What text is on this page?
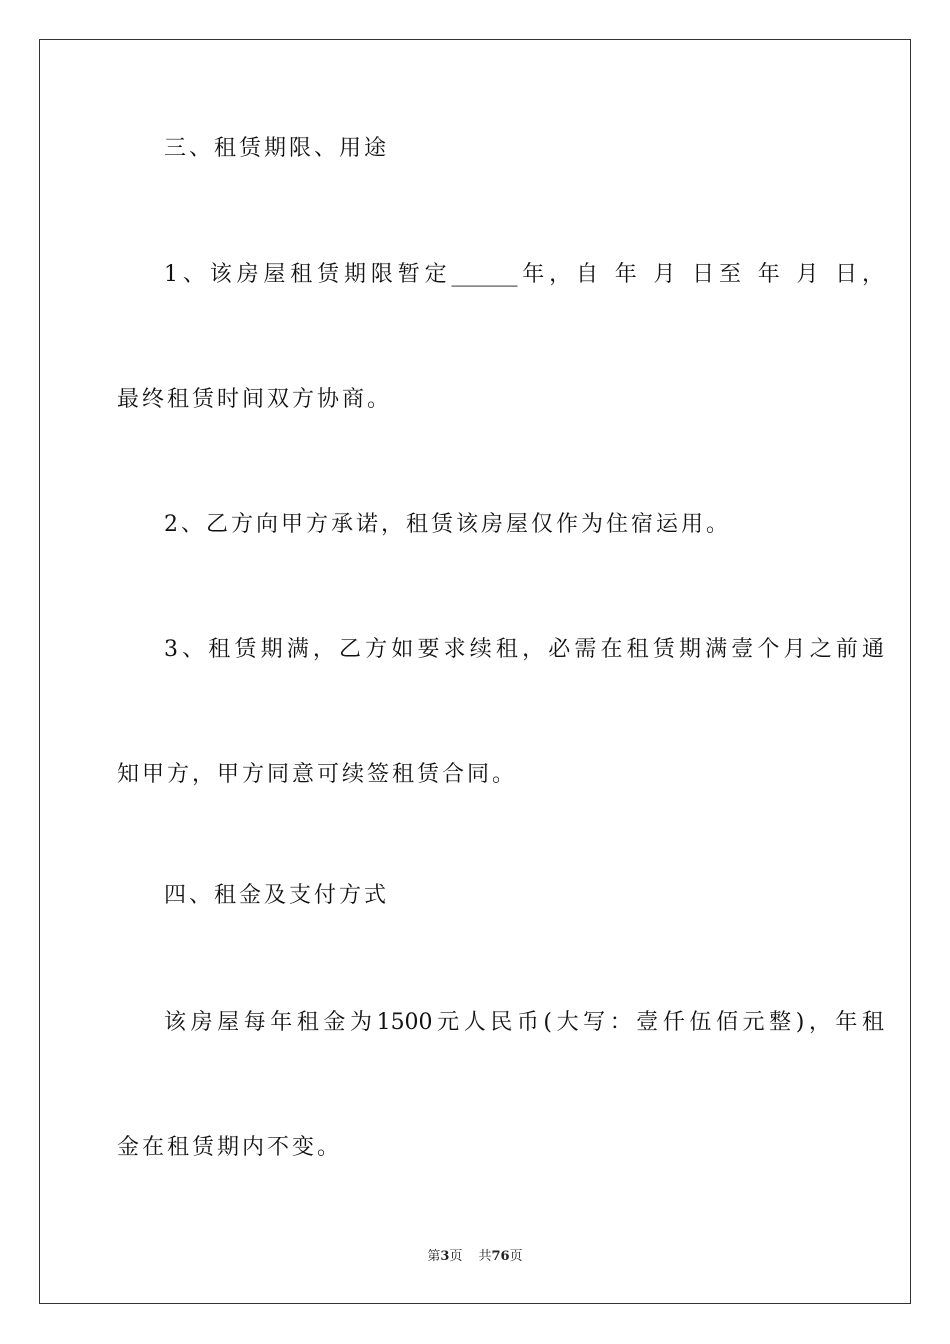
三、租赁期限、用途
1、该房屋租赁期限暂定______年，自 年 月 日至 年 月 日，
最终租赁时间双方协商。
2、乙方向甲方承诺，租赁该房屋仅作为住宿运用。
3、租赁期满，乙方如要求续租，必需在租赁期满壹个月之前通
知甲方，甲方同意可续签租赁合同。
四、租金及支付方式
该房屋每年租金为1500元人民币(大写：壹仟伍佰元整)，年租
金在租赁期内不变。
第3页 共76页
